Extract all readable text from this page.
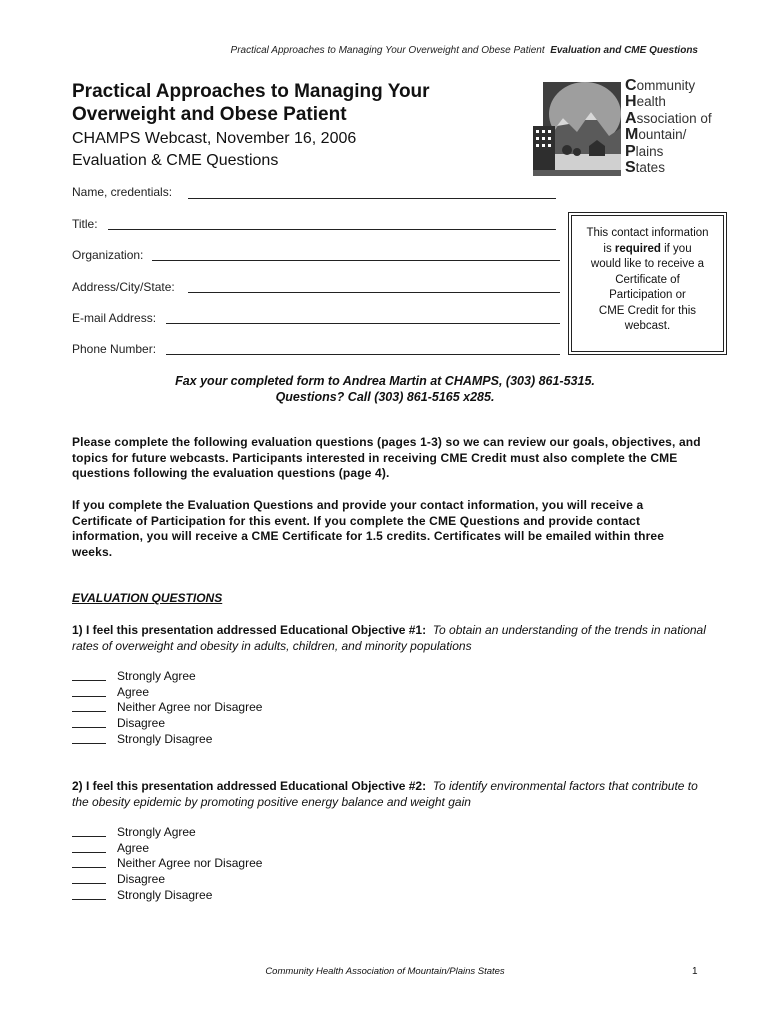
Practical Approaches to Managing Your Overweight and Obese Patient Evaluation and CME Questions
Practical Approaches to Managing Your
Overweight and Obese Patient
CHAMPS Webcast, November 16, 2006
Evaluation & CME Questions
Community
Health
Association of
Mountain/
Plains
States
Name, credentials:
Title:
Organization:
Address/City/State:
E-mail Address:
Phone Number:
This contact information
is required if you
would like to receive a
Certificate of
Participation or
CME Credit for this
webcast.
Fax your completed form to Andrea Martin at CHAMPS, (303) 861-5315.
Questions? Call (303) 861-5165 x285.
Please complete the following evaluation questions (pages 1-3) so we can review our goals, objectives, and topics for future webcasts. Participants interested in receiving CME Credit must also complete the CME questions following the evaluation questions (page 4).
If you complete the Evaluation Questions and provide your contact information, you will receive a Certificate of Participation for this event. If you complete the CME Questions and provide contact information, you will receive a CME Certificate for 1.5 credits. Certificates will be emailed within three weeks.
EVALUATION QUESTIONS
1) I feel this presentation addressed Educational Objective #1: To obtain an understanding of the trends in national rates of overweight and obesity in adults, children, and minority populations
Strongly Agree
Agree
Neither Agree nor Disagree
Disagree
Strongly Disagree
2) I feel this presentation addressed Educational Objective #2: To identify environmental factors that contribute to the obesity epidemic by promoting positive energy balance and weight gain
Strongly Agree
Agree
Neither Agree nor Disagree
Disagree
Strongly Disagree
Community Health Association of Mountain/Plains States	1
